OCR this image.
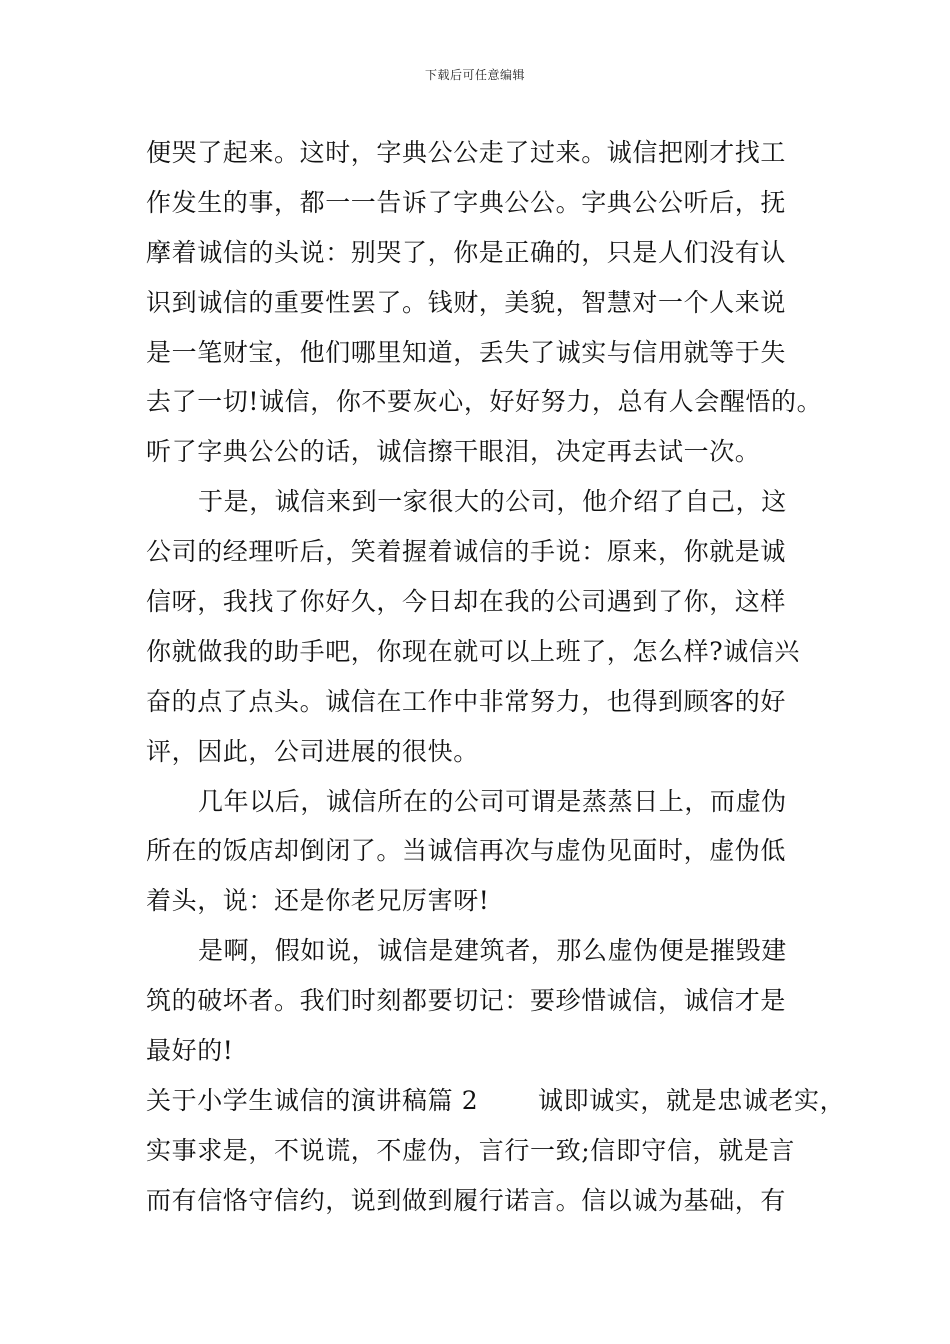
下载后可任意编辑
便哭了起来。这时，字典公公走了过来。诚信把刚才找工
作发生的事，都一一告诉了字典公公。字典公公听后，抚
摩着诚信的头说：别哭了，你是正确的，只是人们没有认
识到诚信的重要性罢了。钱财，美貌，智慧对一个人来说
是一笔财宝，他们哪里知道，丢失了诚实与信用就等于失
去了一切!诚信，你不要灰心，好好努力，总有人会醒悟的。
听了字典公公的话，诚信擦干眼泪，决定再去试一次。
于是，诚信来到一家很大的公司，他介绍了自己，这
公司的经理听后，笑着握着诚信的手说：原来，你就是诚
信呀，我找了你好久，今日却在我的公司遇到了你，这样
你就做我的助手吧，你现在就可以上班了，怎么样?诚信兴
奋的点了点头。诚信在工作中非常努力，也得到顾客的好
评，因此，公司进展的很快。
几年以后，诚信所在的公司可谓是蒸蒸日上，而虚伪
所在的饭店却倒闭了。当诚信再次与虚伪见面时，虚伪低
着头，说：还是你老兄厉害呀!
是啊，假如说，诚信是建筑者，那么虚伪便是摧毁建
筑的破坏者。我们时刻都要切记：要珍惜诚信，诚信才是
最好的!
关于小学生诚信的演讲稿篇 2　　 诚即诚实，就是忠诚老实，
实事求是，不说谎，不虚伪，言行一致;信即守信，就是言
而有信恪守信约，说到做到履行诺言。信以诚为基础，有
